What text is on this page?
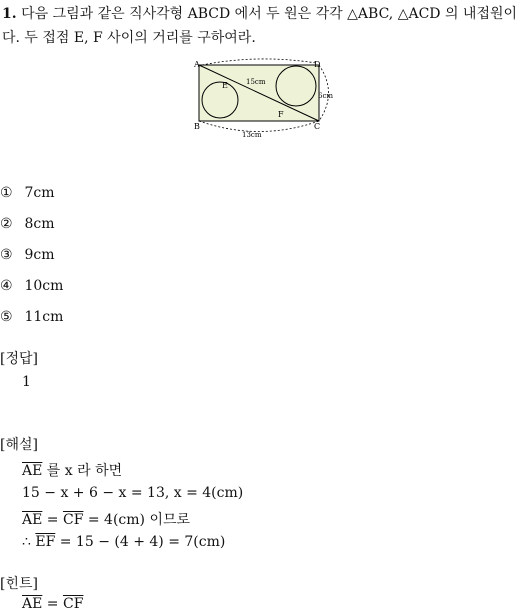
1. 다음 그림과 같은 직사각형 ABCD 에서 두 원은 각각 △ABC, △ACD 의 내접원이다. 두 접점 E, F 사이의 거리를 구하여라.
A	D
B	C
E
F
15cm
6cm
13cm
① 7cm
② 8cm
③ 9cm
④ 10cm
⑤ 11cm
[정답]
1
[해설]
$\overline{AE}$ 를 x 라 하면
15 − x + 6 − x = 13, x = 4(cm)
$\overline{AE} = \overline{CF} = 4(cm)$ 이므로
∴ $\overline{EF} = 15 - (4 + 4) = 7(cm)$
[힌트]
$\overline{AE} = \overline{CF}$
